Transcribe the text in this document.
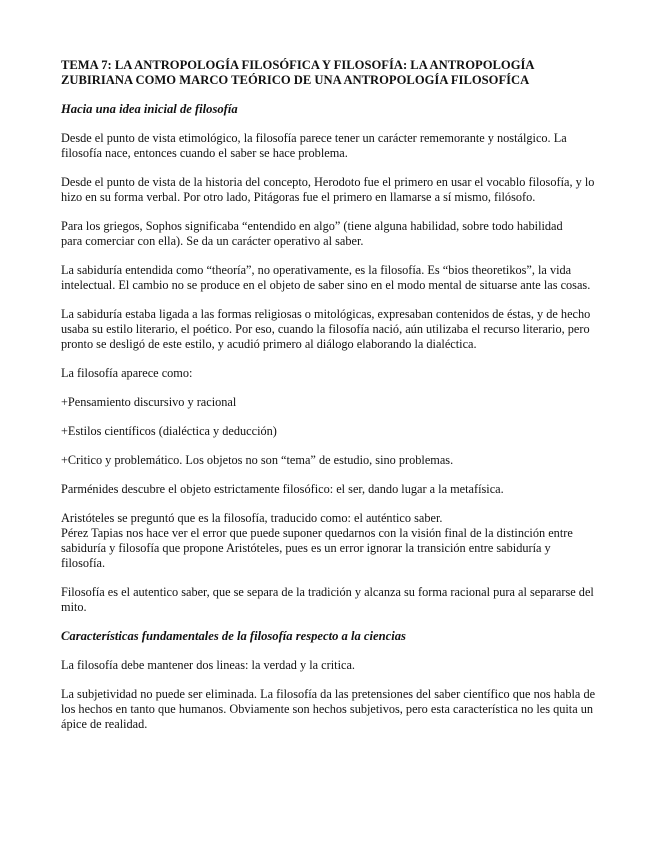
TEMA 7: LA ANTROPOLOGÍA FILOSÓFICA Y FILOSOFÍA: LA ANTROPOLOGÍA ZUBIRIANA COMO MARCO TEÓRICO DE UNA ANTROPOLOGÍA FILOSOFÍCA
Hacia una idea inicial de filosofía
Desde el punto de vista etimológico, la filosofía parece tener un carácter rememorante y nostálgico. La filosofía nace, entonces cuando el saber se hace problema.
Desde el punto de vista de la historia del concepto, Herodoto fue el primero en usar el vocablo filosofía, y lo hizo en su forma verbal. Por otro lado, Pitágoras fue el primero en llamarse a sí mismo, filósofo.
Para los griegos, Sophos significaba “entendido en algo” (tiene alguna habilidad, sobre todo habilidad
para comerciar con ella). Se da un carácter operativo al saber.
La sabiduría entendida como “theoría”, no operativamente, es la filosofía. Es “bios theoretikos”, la vida
intelectual. El cambio no se produce en el objeto de saber sino en el modo mental de situarse ante las cosas.
La sabiduría estaba ligada a las formas religiosas o mitológicas, expresaban contenidos de éstas, y de hecho usaba su estilo literario, el poético. Por eso, cuando la filosofía nació, aún utilizaba el recurso literario, pero pronto se desligó de este estilo, y acudió primero al diálogo elaborando la dialéctica.
La filosofía aparece como:
+Pensamiento discursivo y racional
+Estilos científicos (dialéctica y deducción)
+Critico y problemático. Los objetos no son “tema” de estudio, sino problemas.
Parménides descubre el objeto estrictamente filosófico: el ser, dando lugar a la metafísica.
Aristóteles se preguntó que es la filosofía, traducido como: el auténtico saber.
Pérez Tapias nos hace ver el error que puede suponer quedarnos con la visión final de la distinción entre sabiduría y filosofía que propone Aristóteles, pues es un error ignorar la transición entre sabiduría y filosofía.
Filosofía es el autentico saber, que se separa de la tradición y alcanza su forma racional pura al separarse del mito.
Características fundamentales de la filosofía respecto a la ciencias
La filosofía debe mantener dos lineas: la verdad y la critica.
La subjetividad no puede ser eliminada. La filosofía da las pretensiones del saber científico que nos habla de los hechos en tanto que humanos. Obviamente son hechos subjetivos, pero esta característica no les quita un ápice de realidad.
